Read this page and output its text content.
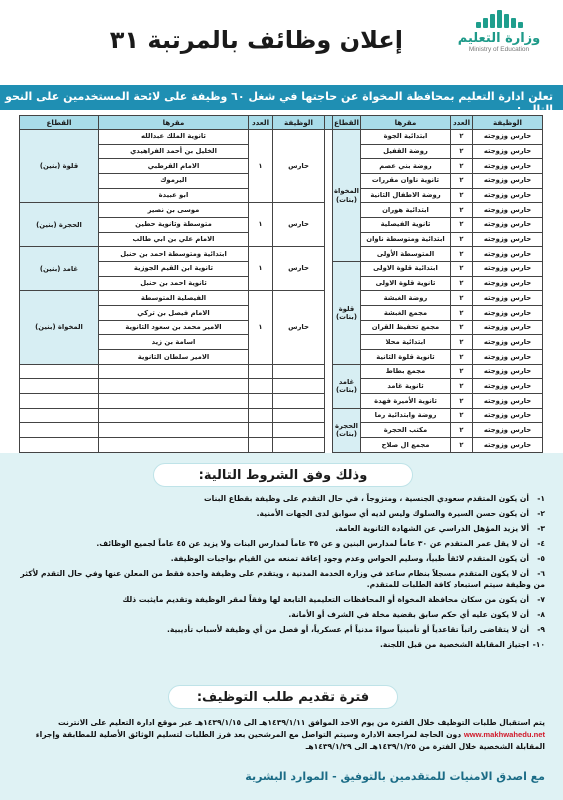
وزارة التعليم
Ministry of Education
إعلان وظائف بالمرتبة ٣١
تعلن ادارة التعليم بمحافظة المخواة عن حاجتها في شغل ٦٠ وظيفة على لائحة المستخدمين على النحو التالي:
الوظيفة	العدد	مقرها	القطاع		الوظيفة	العدد	مقرها	القطاع
حارس وزوجته	٢	ابتدائية الجوة	المخواة (بنات)		حارس	١	ثانوية الملك عبدالله	قلوة (بنين)
حارس وزوجته	٢	روضة القفيل					الخليل بن أحمد الفراهيدي	
حارس وزوجته	٢	روضة بني عصم					الامام القرطبي	
حارس وزوجته	٢	ثانوية ناوان مقررات					اليرموك	
حارس وزوجته	٢	روضة الاطفال الثانية					ابو عبيدة	
حارس وزوجته	٢	ابتدائية هوران			حارس	١	موسى بن نصير	الحجرة (بنين)
حارس وزوجته	٢	ثانوية الفيصلية					متوسطة وثانوية حطين	
حارس وزوجته	٢	ابتدائية ومتوسطة ناوان					الامام علي بن ابي طالب	
حارس وزوجته	٢	المتوسطة الأولى			حارس	١	ابتدائية ومتوسطة احمد بن حنبل	غامد (بنين)
حارس وزوجته	٢	ابتدائية قلوة الاولى	قلوة (بنات)				ثانوية ابن القيم الجوزية	
حارس وزوجته	٢	ثانوية قلوة الاولى					ثانوية احمد بن حنبل	
حارس وزوجته	٢	روضة الغبشة			حارس	١	الفيصلية المتوسطة	المخواة (بنين)
حارس وزوجته	٢	مجمع الغبشة					الامام فيصل بن تركي	
حارس وزوجته	٢	مجمع تحفيظ القران					الامير محمد بن سعود الثانوية	
حارس وزوجته	٢	ابتدائية محلا					اسامة بن زيد	
حارس وزوجته	٢	ثانوية قلوة الثانية					الامير سلطان الثانوية	
حارس وزوجته	٢	مجمع بطاط	غامد (بنات)					
حارس وزوجته	٢	ثانوية غامد						
حارس وزوجته	٢	ثانوية الأميرة فهدة						
حارس وزوجته	٢	روضة وابتدائية رما	الحجرة (بنات)					
حارس وزوجته	٢	مكتب الحجرة						
حارس وزوجته	٢	مجمع ال صلاح						
وذلك وفق الشروط التالية:
١-أن يكون المتقدم سعودي الجنسية ، ومتزوجاً ، في حال التقدم على وظيفة بقطاع البنات
٢-أن يكون حسن السيرة والسلوك وليس لديه أي سوابق لدى الجهات الأمنية.
٣-ألا يزيد المؤهل الدراسي عن الشهادة الثانوية العامة.
٤-أن لا يقل عمر المتقدم عن ٣٠ عاماً لمدارس البنين و عن ٣٥ عاماً لمدارس البنات ولا يزيد عن ٤٥ عاماً لجميع الوظائف.
٥-أن يكون المتقدم لائقاً طبياً، وسليم الحواس وعدم وجود إعاقة تمنعه من القيام بواجبات الوظيفة.
٦-أن لا يكون المتقدم مسجلاً بنظام ساعد في وزارة الخدمة المدنية ، ويتقدم على وظيفة واحدة فقط من المعلن عنها وفي حال التقدم لأكثر من وظيفة سيتم استبعاد كافة الطلبات للمتقدم.
٧-أن يكون من سكان محافظة المخواة أو المحافظات التعليمية التابعة لها وفقاً لمقر الوظيفة وتقديم مايثبت ذلك
٨-أن لا يكون عليه أي حكم سابق بقضية مخلة في الشرف أو الأمانة.
٩-أن لا يتقاضى راتباً تقاعدياً أو تأمينياً سواءً مدنياً أم عسكرياً، أو فصل من أي وظيفة لأسباب تأديبية.
١٠-اجتياز المقابلة الشخصية من قبل اللجنة.
فترة تقديم طلب التوظيف:
يتم استقبال طلبات التوظيف خلال الفترة من يوم الاحد الموافق ١٤٣٩/١/١١هـ الى ١٤٣٩/١/١٥هـ عبر موقع ادارة التعليم على الانترنت www.makhwahedu.net دون الحاجة لمراجعة الادارة وسيتم التواصل مع المرشحين بعد فرز الطلبات لتسليم الوثائق الأصلية للمطابقة وإجراء المقابلة الشخصية خلال الفترة من ١٤٣٩/١/٢٥هـ الى ١٤٣٩/١/٢٩هـ
مع اصدق الامنيات للمتقدمين بالتوفيق - الموارد البشرية
